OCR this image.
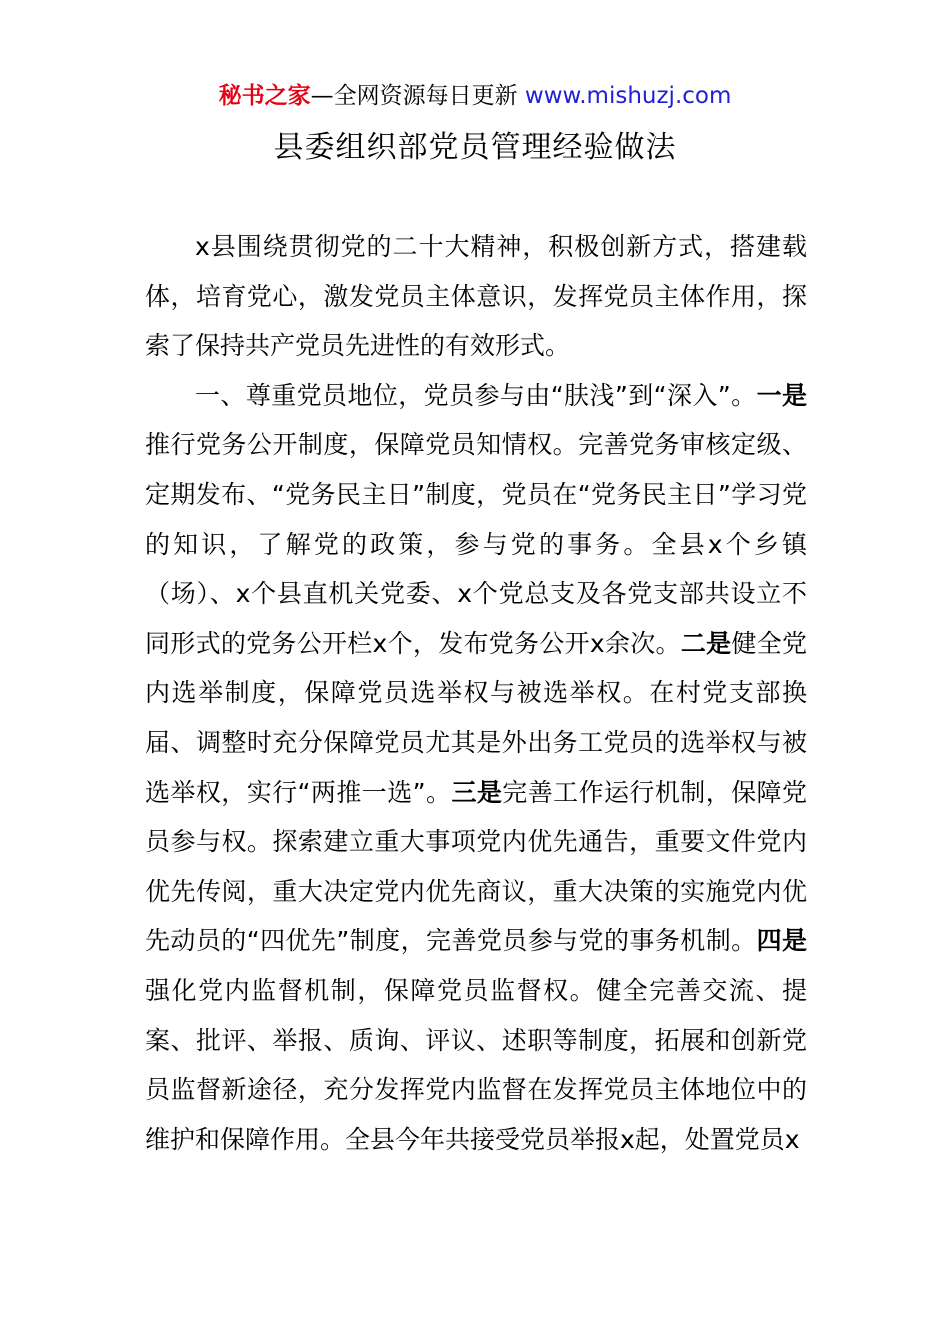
秘书之家—全网资源每日更新 www.mishuzj.com
县委组织部党员管理经验做法

x县围绕贯彻党的二十大精神，积极创新方式，搭建载体，培育党心，激发党员主体意识，发挥党员主体作用，探索了保持共产党员先进性的有效形式。

一、尊重党员地位，党员参与由“肤浅”到“深入”。一是推行党务公开制度，保障党员知情权。完善党务审核定级、定期发布、“党务民主日”制度，党员在“党务民主日”学习党的知识，了解党的政策，参与党的事务。全县x个乡镇（场）、x个县直机关党委、x个党总支及各党支部共设立不同形式的党务公开栏x个，发布党务公开x余次。二是健全党内选举制度，保障党员选举权与被选举权。在村党支部换届、调整时充分保障党员尤其是外出务工党员的选举权与被选举权，实行“两推一选”。三是完善工作运行机制，保障党员参与权。探索建立重大事项党内优先通告，重要文件党内优先传阅，重大决定党内优先商议，重大决策的实施党内优先动员的“四优先”制度，完善党员参与党的事务机制。四是强化党内监督机制，保障党员监督权。健全完善交流、提案、批评、举报、质询、评议、述职等制度，拓展和创新党员监督新途径，充分发挥党内监督在发挥党员主体地位中的维护和保障作用。全县今年共接受党员举报x起，处置党员x
